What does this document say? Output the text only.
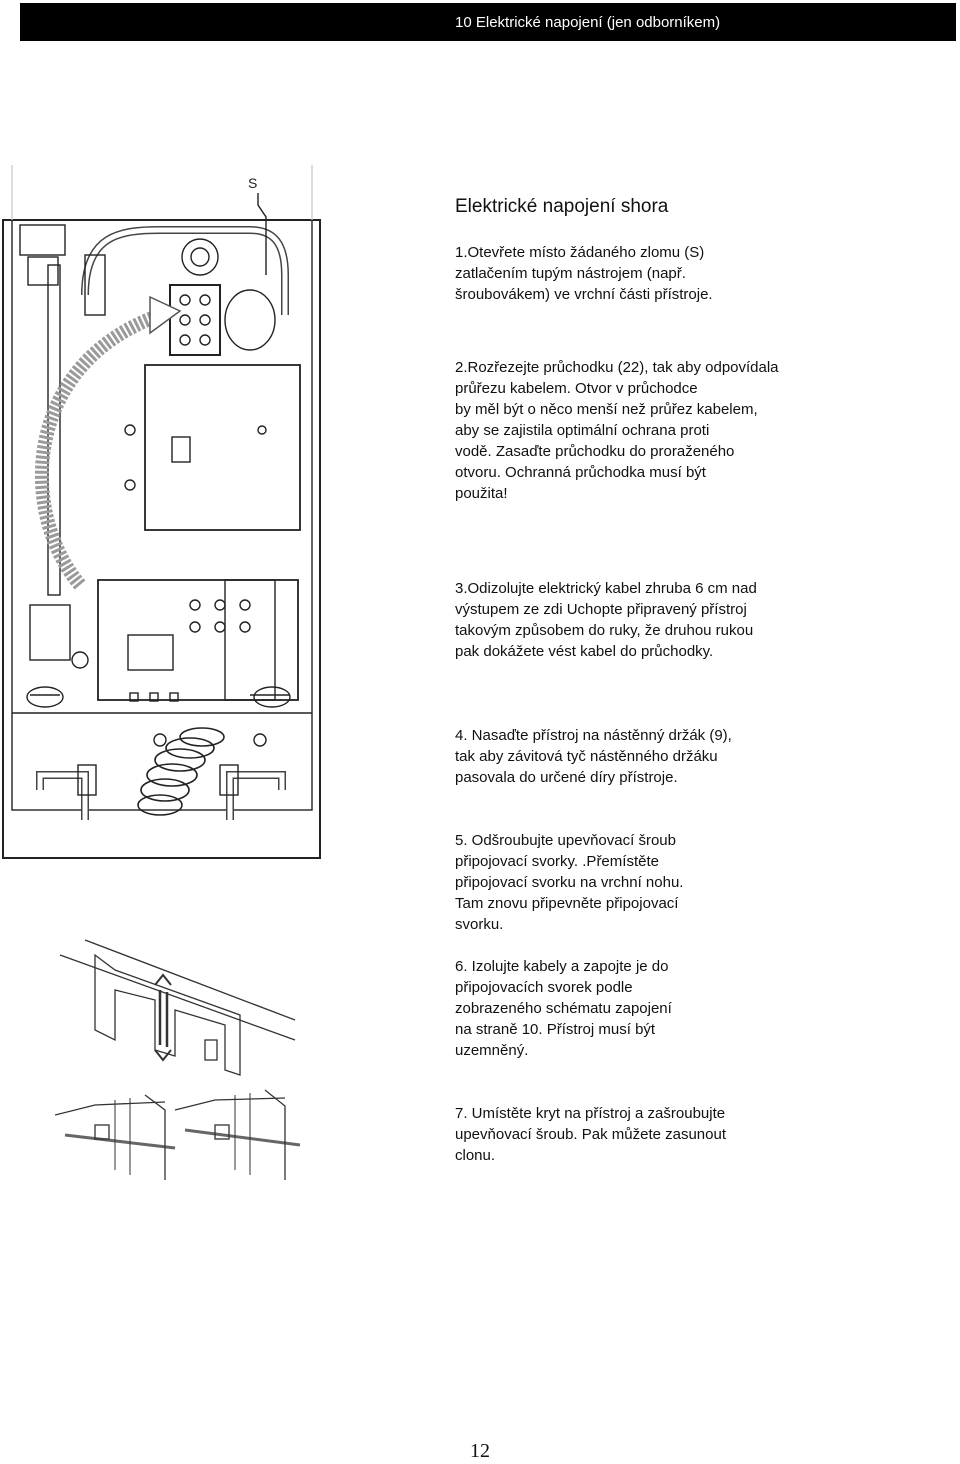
10 Elektrické napojení (jen odborníkem)
S

Elektrické napojení shora

1.Otevřete místo žádaného zlomu (S)
zatlačením tupým nástrojem (např.
šroubovákem) ve vrchní části přístroje.

2.Rozřezejte průchodku (22), tak aby odpovídala
průřezu kabelem. Otvor v průchodce
by měl být o něco menší než průřez kabelem,
aby se zajistila optimální ochrana proti
vodě. Zasaďte průchodku do proraženého
otvoru. Ochranná průchodka musí být
použita!

3.Odizolujte elektrický kabel zhruba 6 cm nad
výstupem ze zdi Uchopte připravený přístroj
takovým způsobem do ruky, že druhou rukou
pak dokážete vést kabel do průchodky.

4. Nasaďte přístroj na nástěnný držák (9),
tak aby závitová tyč nástěnného držáku
pasovala do určené díry přístroje.

5. Odšroubujte upevňovací šroub
připojovací svorky. .Přemístěte
připojovací svorku na vrchní nohu.
Tam znovu připevněte připojovací
svorku.

6. Izolujte kabely a zapojte je do
připojovacích svorek podle
zobrazeného schématu zapojení
na straně 10. Přístroj musí být
uzemněný.

7. Umístěte kryt na přístroj a zašroubujte
upevňovací šroub. Pak můžete zasunout
clonu.

12
